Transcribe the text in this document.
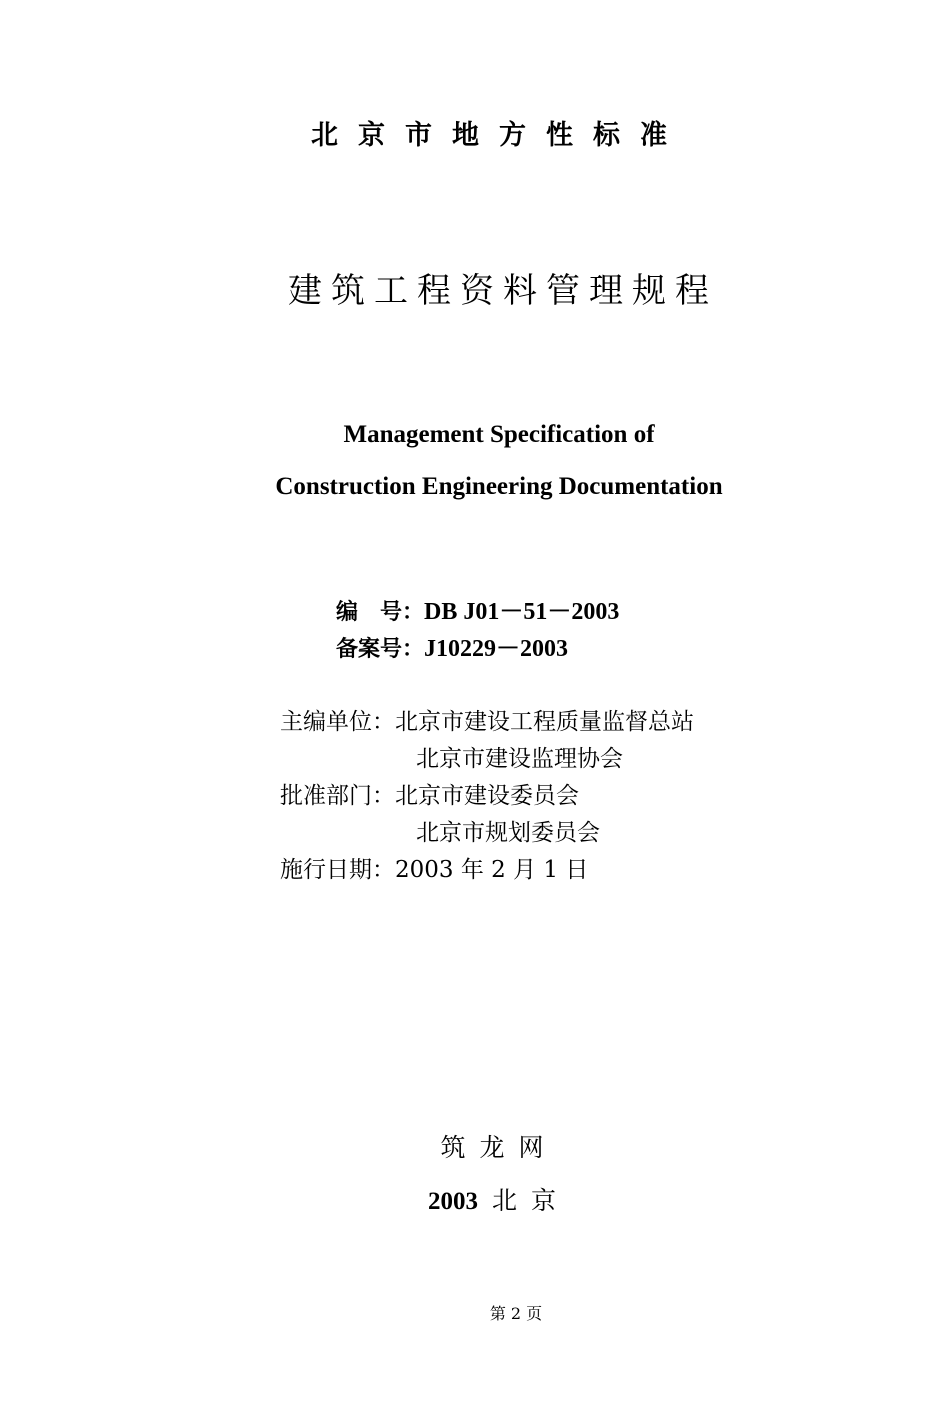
北京市地方性标准
建筑工程资料管理规程
Management Specification of
Construction Engineering Documentation
编　号： DB J01－51－2003
备案号： J10229－2003
主编单位：北京市建设工程质量监督总站
北京市建设监理协会
批准部门：北京市建设委员会
北京市规划委员会
施行日期：2003 年 2 月 1 日
筑龙网
2003 北京
第 2 页
